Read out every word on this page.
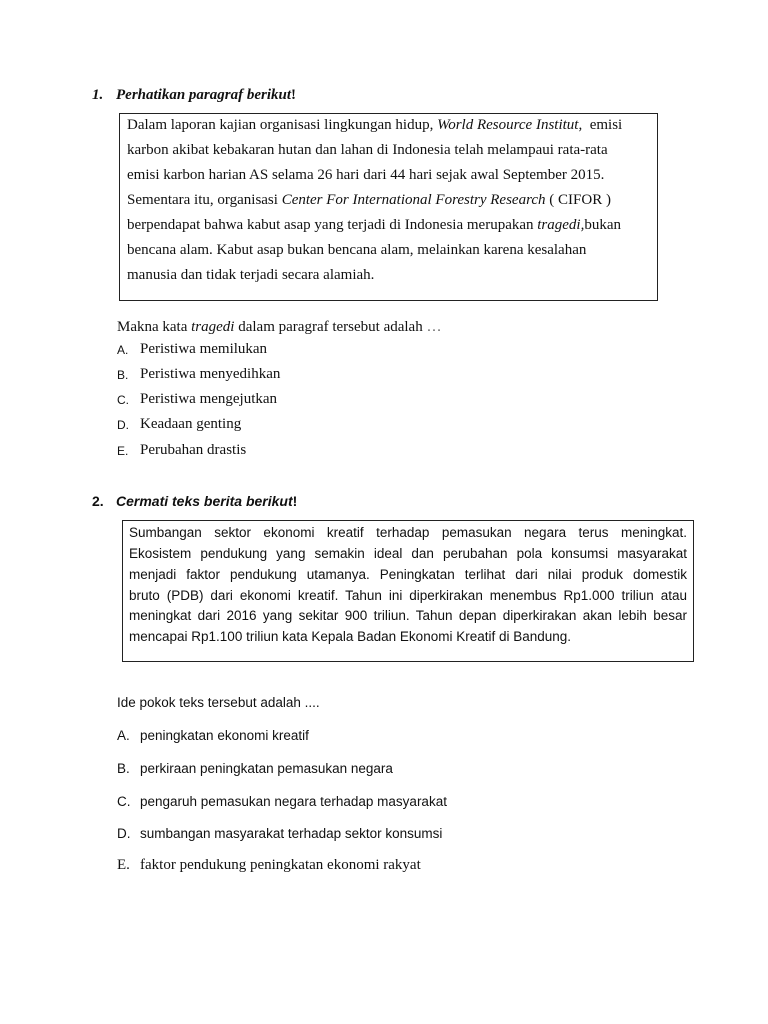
1. Perhatikan paragraf berikut!
Dalam laporan kajian organisasi lingkungan hidup, World Resource Institut,  emisi
karbon akibat kebakaran hutan dan lahan di Indonesia telah melampaui rata-rata
emisi karbon harian AS selama 26 hari dari 44 hari sejak awal September 2015.
Sementara itu, organisasi Center For International Forestry Research ( CIFOR )
berpendapat bahwa kabut asap yang terjadi di Indonesia merupakan tragedi,bukan
bencana alam. Kabut asap bukan bencana alam, melainkan karena kesalahan
manusia dan tidak terjadi secara alamiah.
Makna kata tragedi dalam paragraf tersebut adalah …
A. Peristiwa memilukan
B. Peristiwa menyedihkan
C. Peristiwa mengejutkan
D. Keadaan genting
E. Perubahan drastis
2. Cermati teks berita berikut!
Sumbangan sektor ekonomi kreatif terhadap pemasukan negara terus meningkat.
Ekosistem pendukung yang semakin ideal dan perubahan pola konsumsi masyarakat
menjadi faktor pendukung utamanya. Peningkatan terlihat dari nilai produk domestik
bruto (PDB) dari ekonomi kreatif. Tahun ini diperkirakan menembus Rp1.000 triliun atau
meningkat dari 2016 yang sekitar 900 triliun. Tahun depan diperkirakan akan lebih besar
mencapai Rp1.100 triliun kata Kepala Badan Ekonomi Kreatif di Bandung.
Ide pokok teks tersebut adalah ....
A. peningkatan ekonomi kreatif
B. perkiraan peningkatan pemasukan negara
C. pengaruh pemasukan negara terhadap masyarakat
D. sumbangan masyarakat terhadap sektor konsumsi
E. faktor pendukung peningkatan ekonomi rakyat
